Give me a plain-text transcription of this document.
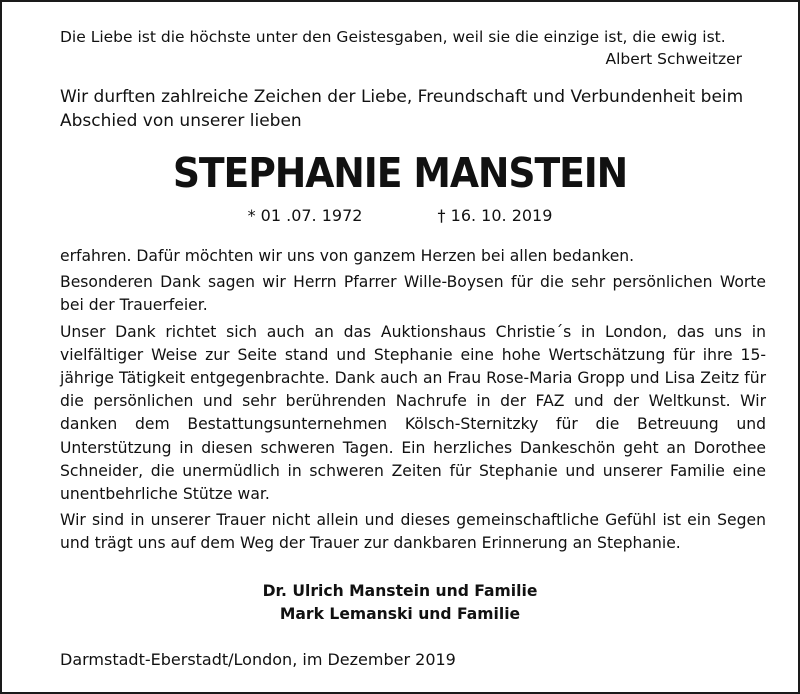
Die Liebe ist die höchste unter den Geistesgaben, weil sie die einzige ist, die ewig ist.
Albert Schweitzer
Wir durften zahlreiche Zeichen der Liebe, Freundschaft und Verbundenheit beim Abschied von unserer lieben
STEPHANIE MANSTEIN
* 01 .07. 1972	† 16. 10. 2019

erfahren. Dafür möchten wir uns von ganzem Herzen bei allen bedanken.

Besonderen Dank sagen wir Herrn Pfarrer Wille-Boysen für die sehr persönlichen Worte bei der Trauerfeier.

Unser Dank richtet sich auch an das Auktionshaus Christie´s in London, das uns in vielfältiger Weise zur Seite stand und Stephanie eine hohe Wertschätzung für ihre 15-jährige Tätigkeit entgegenbrachte. Dank auch an Frau Rose-Maria Gropp und Lisa Zeitz für die persönlichen und sehr berührenden Nachrufe in der FAZ und der Weltkunst. Wir danken dem Bestattungsunternehmen Kölsch-Sternitzky für die Betreuung und Unterstützung in diesen schweren Tagen. Ein herzliches Dankeschön geht an Dorothee Schneider, die unermüdlich in schweren Zeiten für Stephanie und unserer Familie eine unentbehrliche Stütze war.

Wir sind in unserer Trauer nicht allein und dieses gemeinschaftliche Gefühl ist ein Segen und trägt uns auf dem Weg der Trauer zur dankbaren Erinnerung an Stephanie.

Dr. Ulrich Manstein und Familie
Mark Lemanski und Familie
Darmstadt-Eberstadt/London, im Dezember 2019
